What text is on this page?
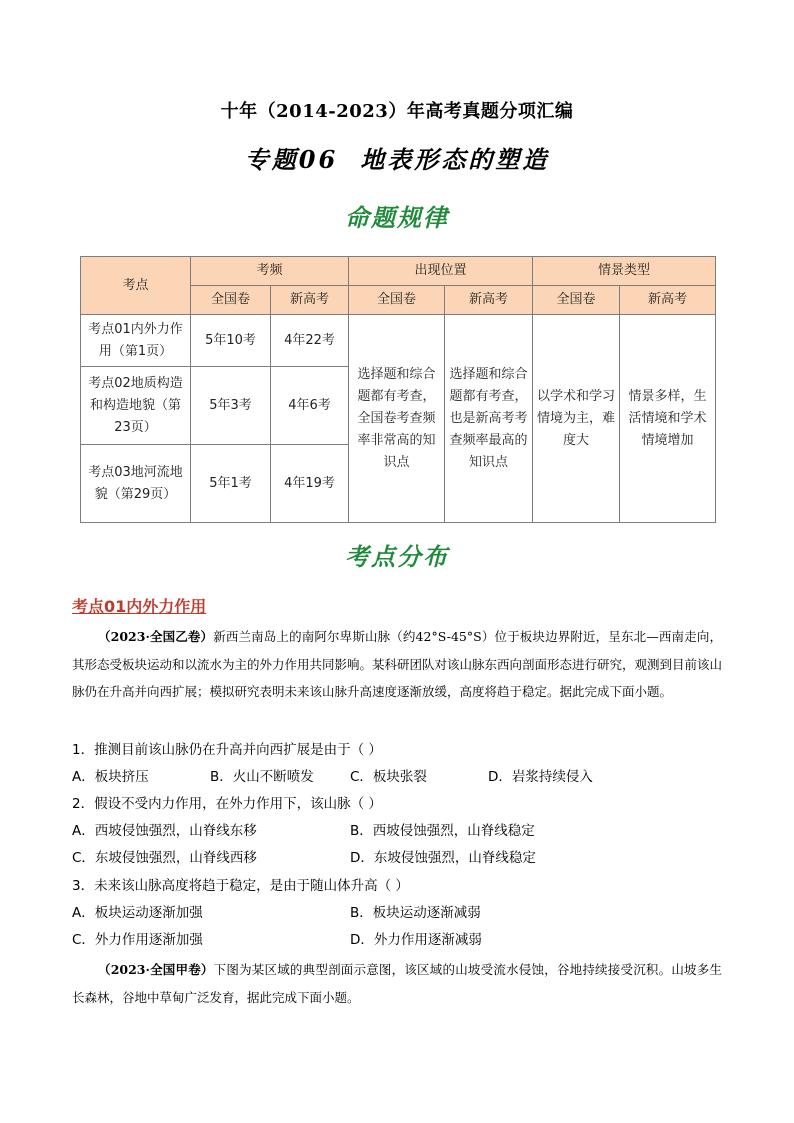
十年（2014-2023）年高考真题分项汇编
专题06 地表形态的塑造
命题规律
考点	考频		出现位置		情景类型	
	全国卷	新高考	全国卷	新高考	全国卷	新高考
考点01内外力作用（第1页）	5年10考	4年22考	选择题和综合题都有考查，全国卷考查频率非常高的知识点	选择题和综合题都有考查，也是新高考考查频率最高的知识点	以学术和学习情境为主，难度大	情景多样，生活情境和学术情境增加
考点02地质构造和构造地貌（第23页）	5年3考	4年6考				
考点03地河流地貌（第29页）	5年1考	4年19考				
考点分布
考点01内外力作用
（2023·全国乙卷）新西兰南岛上的南阿尔卑斯山脉（约42°S-45°S）位于板块边界附近，呈东北—西南走向，其形态受板块运动和以流水为主的外力作用共同影响。某科研团队对该山脉东西向剖面形态进行研究，观测到目前该山脉仍在升高并向西扩展；模拟研究表明未来该山脉升高速度逐渐放缓，高度将趋于稳定。据此完成下面小题。
1．推测目前该山脉仍在升高并向西扩展是由于（ ）
A．板块挤压	B．火山不断喷发	C．板块张裂	D．岩浆持续侵入
2．假设不受内力作用，在外力作用下，该山脉（ ）
A．西坡侵蚀强烈，山脊线东移	B．西坡侵蚀强烈，山脊线稳定
C．东坡侵蚀强烈，山脊线西移	D．东坡侵蚀强烈，山脊线稳定
3．未来该山脉高度将趋于稳定，是由于随山体升高（ ）
A．板块运动逐渐加强	B．板块运动逐渐减弱
C．外力作用逐渐加强	D．外力作用逐渐减弱
（2023·全国甲卷）下图为某区域的典型剖面示意图，该区域的山坡受流水侵蚀，谷地持续接受沉积。山坡多生长森林，谷地中草甸广泛发育，据此完成下面小题。
